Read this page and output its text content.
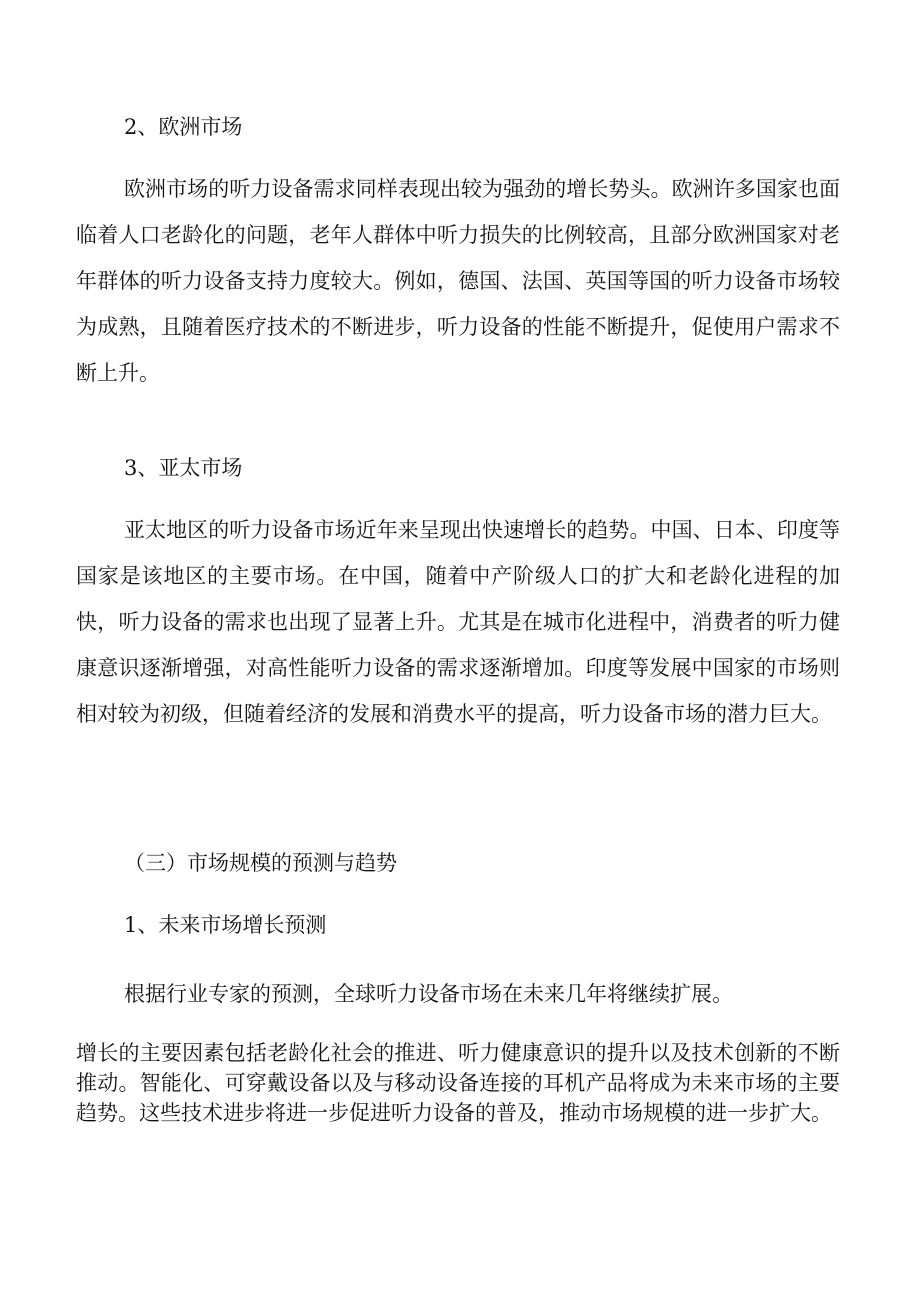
2、欧洲市场

欧洲市场的听力设备需求同样表现出较为强劲的增长势头。欧洲许多国家也面临着人口老龄化的问题，老年人群体中听力损失的比例较高，且部分欧洲国家对老年群体的听力设备支持力度较大。例如，德国、法国、英国等国的听力设备市场较为成熟，且随着医疗技术的不断进步，听力设备的性能不断提升，促使用户需求不断上升。

3、亚太市场

亚太地区的听力设备市场近年来呈现出快速增长的趋势。中国、日本、印度等国家是该地区的主要市场。在中国，随着中产阶级人口的扩大和老龄化进程的加快，听力设备的需求也出现了显著上升。尤其是在城市化进程中，消费者的听力健康意识逐渐增强，对高性能听力设备的需求逐渐增加。印度等发展中国家的市场则相对较为初级，但随着经济的发展和消费水平的提高，听力设备市场的潜力巨大。

（三）市场规模的预测与趋势
1、未来市场增长预测

根据行业专家的预测，全球听力设备市场在未来几年将继续扩展。

增长的主要因素包括老龄化社会的推进、听力健康意识的提升以及技术创新的不断推动。智能化、可穿戴设备以及与移动设备连接的耳机产品将成为未来市场的主要趋势。这些技术进步将进一步促进听力设备的普及，推动市场规模的进一步扩大。
